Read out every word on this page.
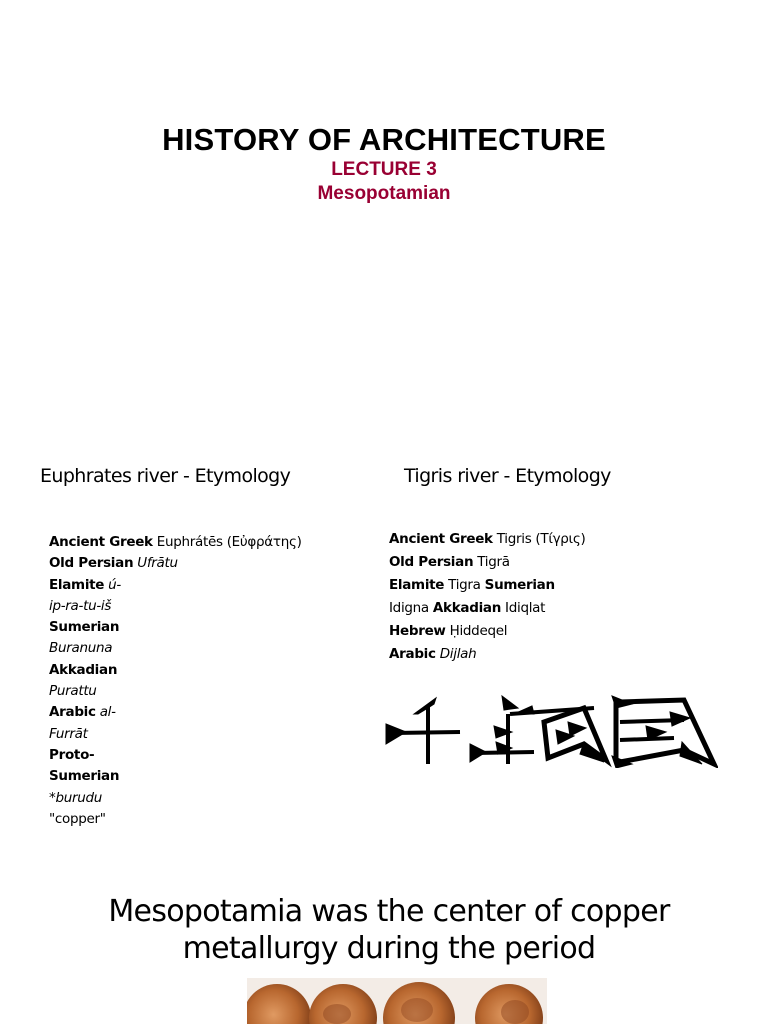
HISTORY OF ARCHITECTURE
LECTURE 3
Mesopotamian
Euphrates river - Etymology	Tigris river - Etymology
Ancient Greek Euphrátēs (Εὐφράτης)
Old Persian Ufrātu
Elamite ú-
ip-ra-tu-iš
Sumerian
Buranuna
Akkadian
Purattu
Arabic al-
Furrāt
Proto-
Sumerian
*burudu
"copper"
Ancient Greek Tigris (Τίγρις)
Old Persian Tigrā
Elamite Tigra Sumerian
Idigna Akkadian Idiqlat
Hebrew Ḥiddeqel
Arabic Dijlah
Mesopotamia was the center of copper
metallurgy during the period
